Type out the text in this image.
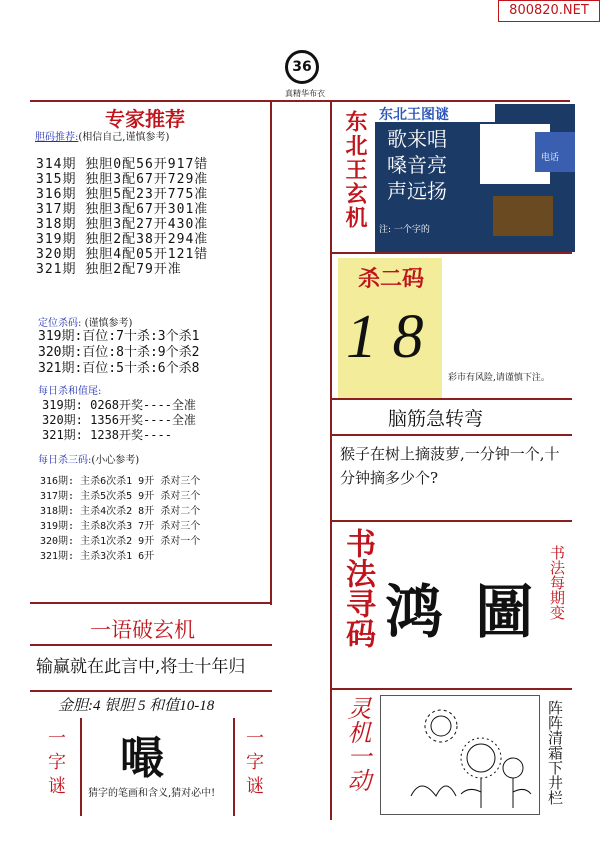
800820.NET
36
真精华布衣
专家推荐
胆码推荐:(相信自己,谨慎参考)
314期 独胆0配56开917错
315期 独胆3配67开729准
316期 独胆5配23开775准
317期 独胆3配67开301准
318期 独胆3配27开430准
319期 独胆2配38开294准
320期 独胆4配05开121错
321期 独胆2配79开准
定位杀码: (谨慎参考)
319期:百位:7十杀:3个杀1
320期:百位:8十杀:9个杀2
321期:百位:5十杀:6个杀8
每日杀和值尾:
319期: 0268开奖----全准
320期: 1356开奖----全准
321期: 1238开奖----
每日杀三码:(小心参考)
316期: 主杀6次杀1 9开 杀对三个
317期: 主杀5次杀5 9开 杀对三个
318期: 主杀4次杀2 8开 杀对二个
319期: 主杀8次杀3 7开 杀对三个
320期: 主杀1次杀2 9开 杀对一个
321期: 主杀3次杀1 6开
一语破玄机
输赢就在此言中,将士十年归
金胆:4 银胆 5 和值10-18
一字谜 嘬
猜字的笔画和含义,猜对必中!	一字谜
东北王玄机 东北王图谜
歌来唱
嗓音亮
声远扬
注: 一个字的
电话
杀二码
1 8
彩市有风险,请谨慎下注。
脑筋急转弯
猴子在树上摘菠萝,一分钟一个,十分钟摘多少个?
书法寻码 鸿 圖 书法每期变
灵机一动	阵阵清霜下井栏
